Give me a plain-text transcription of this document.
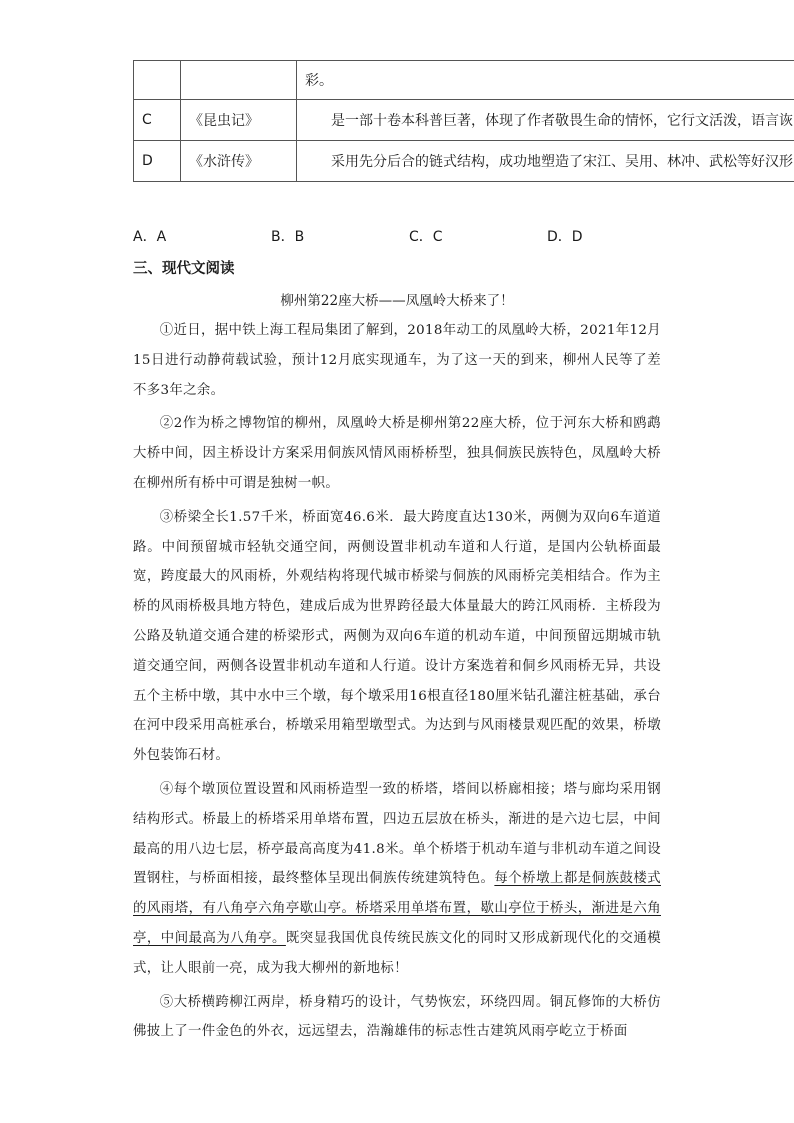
		彩。
C	《昆虫记》	是一部十卷本科普巨著，体现了作者敬畏生命的情怀，它行文活泼，语言诙
D	《水浒传》	采用先分后合的链式结构，成功地塑造了宋江、吴用、林冲、武松等好汉形
A．A	B．B	C．C	D．D
三、现代文阅读
柳州第22座大桥——凤凰岭大桥来了！

①近日，据中铁上海工程局集团了解到，2018年动工的凤凰岭大桥，2021年12月15日进行动静荷载试验，预计12月底实现通车，为了这一天的到来，柳州人民等了差不多3年之余。

②2作为桥之博物馆的柳州，凤凰岭大桥是柳州第22座大桥，位于河东大桥和鸥鹉大桥中间，因主桥设计方案采用侗族风情风雨桥桥型，独具侗族民族特色，凤凰岭大桥在柳州所有桥中可谓是独树一帜。

③桥梁全长1.57千米，桥面宽46.6米．最大跨度直达130米，两侧为双向6车道道路。中间预留城市轻轨交通空间，两侧设置非机动车道和人行道，是国内公轨桥面最宽，跨度最大的风雨桥，外观结构将现代城市桥梁与侗族的风雨桥完美相结合。作为主桥的风雨桥极具地方特色，建成后成为世界跨径最大体量最大的跨江风雨桥．主桥段为公路及轨道交通合建的桥梁形式，两侧为双向6车道的机动车道，中间预留远期城市轨道交通空间，两侧各设置非机动车道和人行道。设计方案选着和侗乡风雨桥无异，共设五个主桥中墩，其中水中三个墩，每个墩采用16根直径180厘米钻孔灌注桩基础，承台在河中段采用高桩承台，桥墩采用箱型墩型式。为达到与风雨楼景观匹配的效果，桥墩外包装饰石材。

④每个墩顶位置设置和风雨桥造型一致的桥塔，塔间以桥廊相接；塔与廊均采用钢结构形式。桥最上的桥塔采用单塔布置，四边五层放在桥头，渐进的是六边七层，中间最高的用八边七层，桥亭最高高度为41.8米。单个桥塔于机动车道与非机动车道之间设置钢柱，与桥面相接，最终整体呈现出侗族传统建筑特色。每个桥墩上都是侗族鼓楼式的风雨塔，有八角亭六角亭歇山亭。桥塔采用单塔布置，歇山亭位于桥头，渐进是六角亭，中间最高为八角亭。既突显我国优良传统民族文化的同时又形成新现代化的交通模式，让人眼前一亮，成为我大柳州的新地标！

⑤大桥横跨柳江两岸，桥身精巧的设计，气势恢宏，环绕四周。铜瓦修饰的大桥仿佛披上了一件金色的外衣，远远望去，浩瀚雄伟的标志性古建筑风雨亭屹立于桥面
